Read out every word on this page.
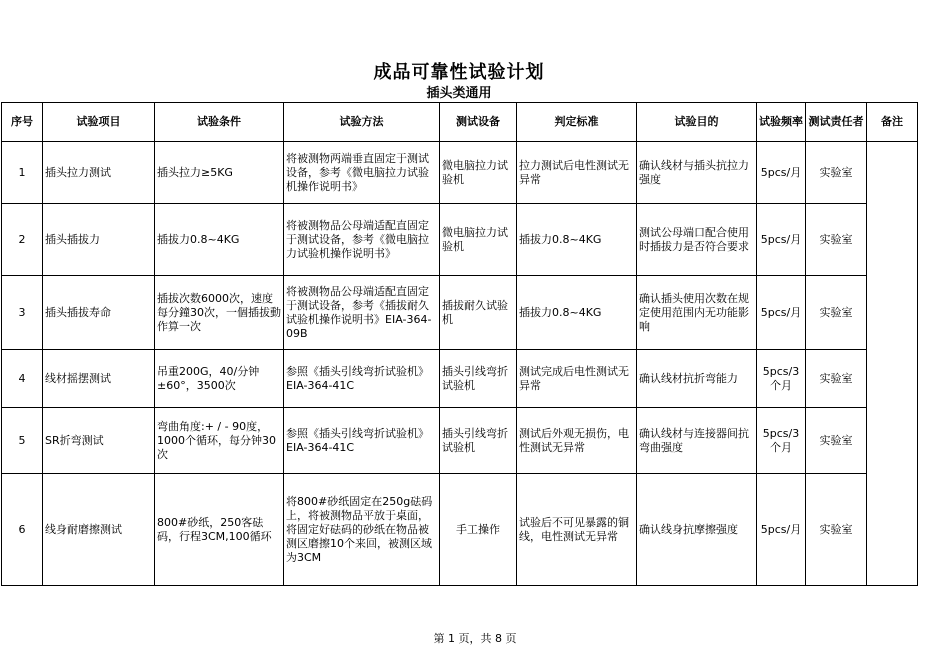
成品可靠性试验计划
插头类通用
序号	试验项目	试验条件	试验方法	测试设备	判定标准	试验目的	试验频率	测试责任者	备注
1	插头拉力测试	插头拉力≥5KG	将被测物两端垂直固定于测试设备，参考《微电脑拉力试验机操作说明书》	微电脑拉力试验机	拉力测试后电性测试无异常	确认线材与插头抗拉力强度	5pcs/月	实验室	
2	插头插拔力	插拔力0.8~4KG	将被测物品公母端适配直固定于测试设备，参考《微电脑拉力试验机操作说明书》	微电脑拉力试验机	插拔力0.8~4KG	测试公母端口配合使用时插拔力是否符合要求	5pcs/月	实验室	
3	插头插拔寿命	插拔次数6000次，速度每分鐘30次，一個插拔動作算一次	将被测物品公母端适配直固定于测试设备，参考《插拔耐久试验机操作说明书》EIA-364-09B	插拔耐久试验机	插拔力0.8~4KG	确认插头使用次数在规定使用范围内无功能影响	5pcs/月	实验室	
4	线材摇摆测试	吊重200G，40/分钟±60°，3500次	参照《插头引线弯折试验机》EIA-364-41C	插头引线弯折试验机	测试完成后电性测试无异常	确认线材抗折弯能力	5pcs/3个月	实验室	
5	SR折弯测试	弯曲角度:+ / - 90度，1000个循环，每分钟30次	参照《插头引线弯折试验机》EIA-364-41C	插头引线弯折试验机	测试后外观无损伤，电性测试无异常	确认线材与连接器间抗弯曲强度	5pcs/3个月	实验室	
6	线身耐磨擦测试	800#砂纸，250客砝码，行程3CM,100循环	将800#砂纸固定在250g砝码上，将被测物品平放于桌面，将固定好砝码的砂纸在物品被测区磨擦10个来回，被测区域为3CM	手工操作	试验后不可见暴露的铜线，电性测试无异常	确认线身抗摩擦强度	5pcs/月	实验室	
第 1 页，共 8 页
